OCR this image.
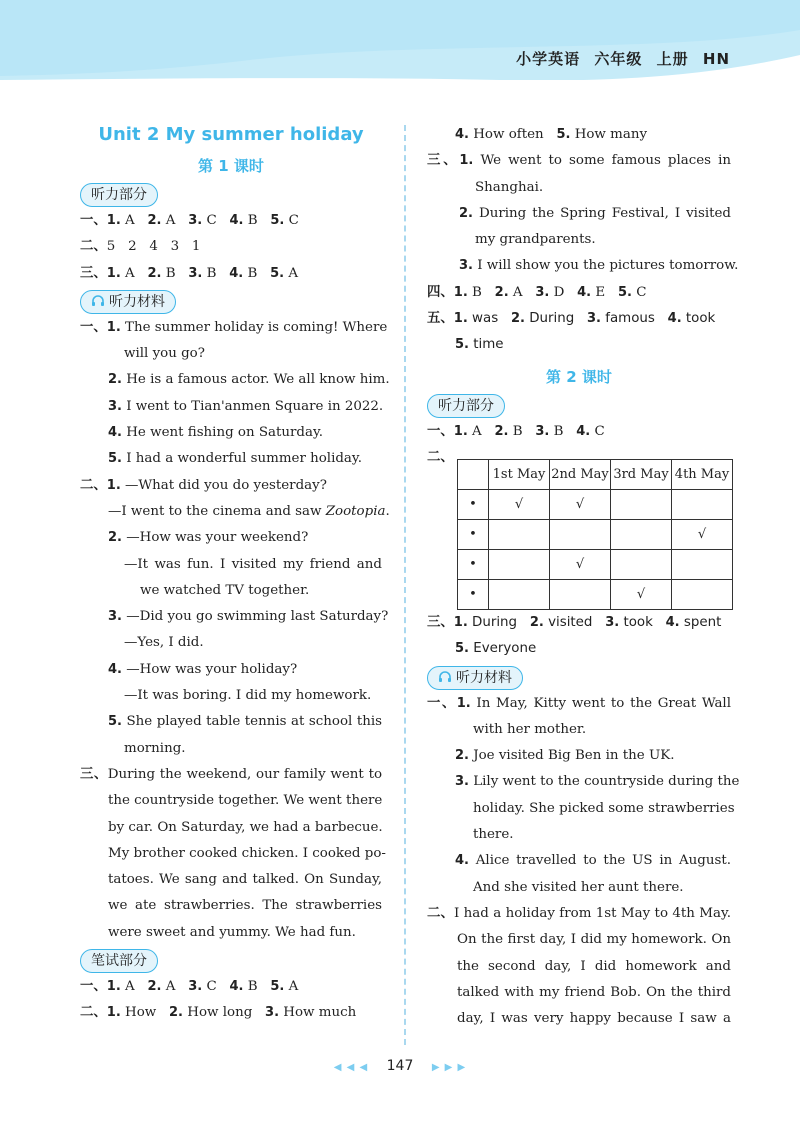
小学英语 六年级 上册 HN
Unit 2 My summer holiday
第 1 课时
听力部分
一、1. A 2. A 3. C 4. B 5. C
二、5   2   4   3   1
三、1. A 2. B 3. B 4. B 5. A
听力材料
一、1. The summer holiday is coming! Where
will you go?
2. He is a famous actor. We all know him.
3. I went to Tian'anmen Square in 2022.
4. He went fishing on Saturday.
5. I had a wonderful summer holiday.
二、1. —What did you do yesterday?
—I went to the cinema and saw Zootopia.
2. —How was your weekend?
—It was fun. I visited my friend and
we watched TV together.
3. —Did you go swimming last Saturday?
—Yes, I did.
4. —How was your holiday?
—It was boring. I did my homework.
5. She played table tennis at school this
morning.
三、During the weekend, our family went to
the countryside together. We went there
by car. On Saturday, we had a barbecue.
My brother cooked chicken. I cooked po-
tatoes. We sang and talked. On Sunday,
we ate strawberries. The strawberries
were sweet and yummy. We had fun.
笔试部分
一、1. A 2. A 3. C 4. B 5. A
二、1. How 2. How long 3. How much
4. How often 5. How many
三、1. We went to some famous places in
Shanghai.
2. During the Spring Festival, I visited
my grandparents.
3. I will show you the pictures tomorrow.
四、1. B 2. A 3. D 4. E 5. C
五、1. was 2. During 3. famous 4. took
5. time
第 2 课时
听力部分
一、1. A 2. B 3. B 4. C
二、
三、1. During 2. visited 3. took 4. spent
5. Everyone
听力材料
一、1. In May, Kitty went to the Great Wall
with her mother.
2. Joe visited Big Ben in the UK.
3. Lily went to the countryside during the
holiday. She picked some strawberries
there.
4. Alice travelled to the US in August.
And she visited her aunt there.
二、I had a holiday from 1st May to 4th May.
On the first day, I did my homework. On
the second day, I did homework and
talked with my friend Bob. On the third
day, I was very happy because I saw a
	1st May	2nd May	3rd May	4th May
•	√	√		
•				√
•		√		
•			√	
◀ ◀ ◀ 147 ▶ ▶ ▶
